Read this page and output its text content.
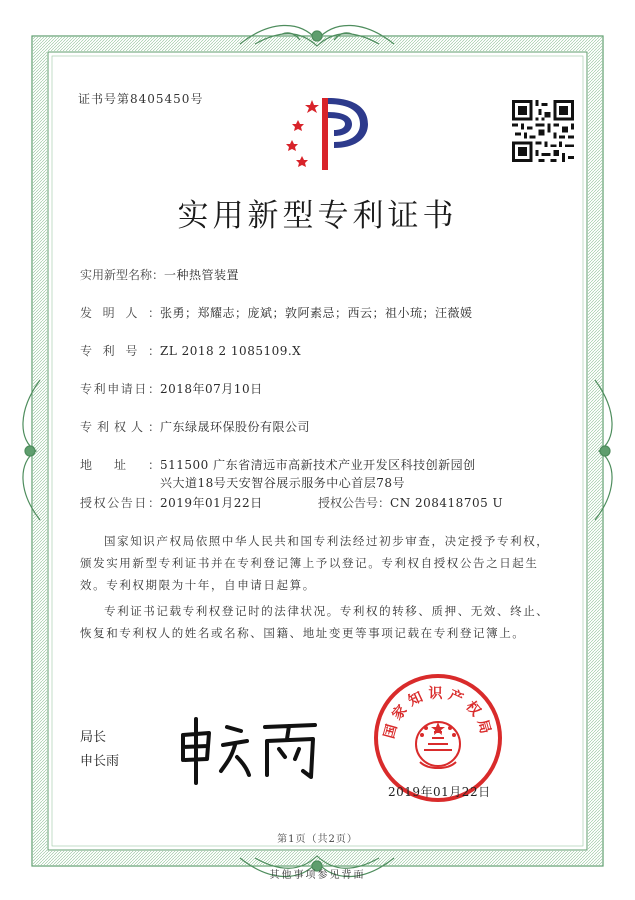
证书号第8405450号
实用新型专利证书
实用新型名称：一种热管装置
发明人：张勇；郑耀志；庞斌；敦阿素忌；西云；祖小琉；汪薇媛
专利号：ZL 2018 2 1085109.X
专利申请日：2018年07月10日
专利权人：广东绿晟环保股份有限公司
地址：511500 广东省清远市高新技术产业开发区科技创新园创
兴大道18号天安智谷展示服务中心首层78号
授权公告日：2019年01月22日	授权公告号：CN 208418705 U
国家知识产权局依照中华人民共和国专利法经过初步审查，决定授予专利权，颁发实用新型专利证书并在专利登记簿上予以登记。专利权自授权公告之日起生效。专利权期限为十年，自申请日起算。
专利证书记载专利权登记时的法律状况。专利权的转移、质押、无效、终止、恢复和专利权人的姓名或名称、国籍、地址变更等事项记载在专利登记簿上。
局长
申长雨
国家知识产权局
2019年01月22日
第1页（共2页）
其他事项参见背面
